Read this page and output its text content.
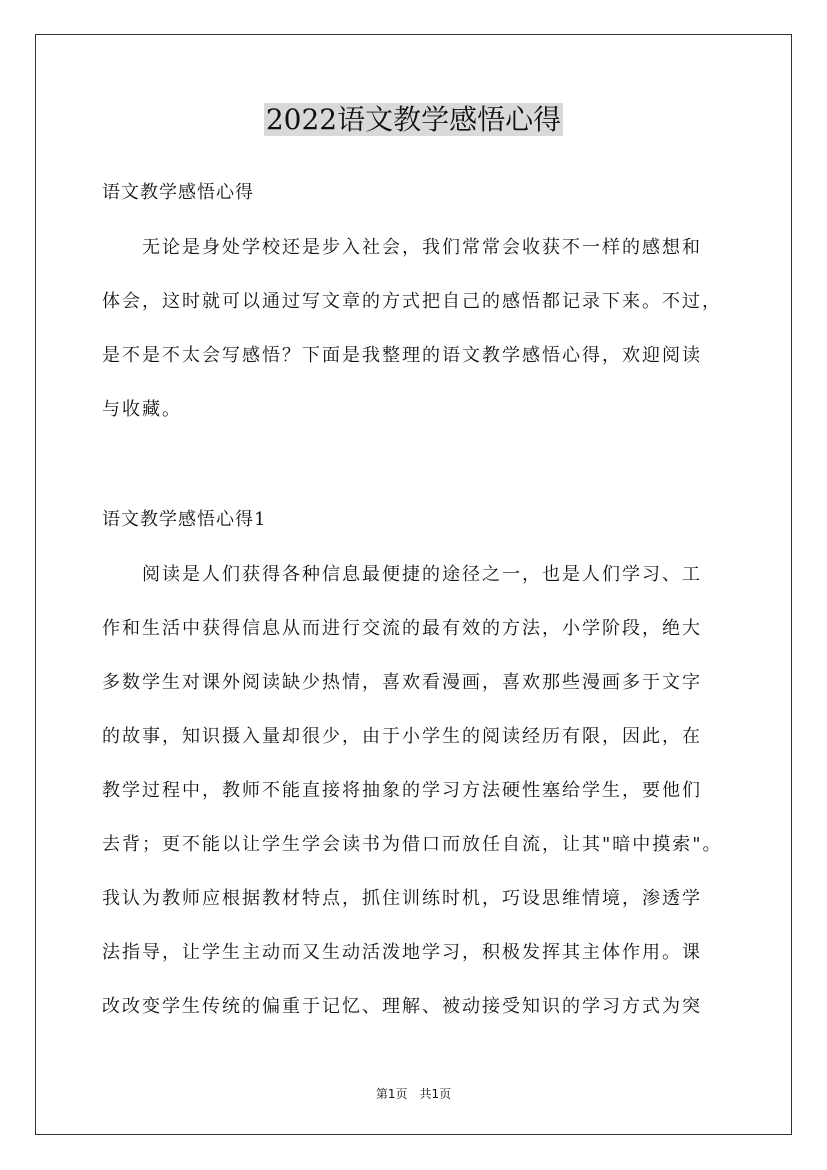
2022语文教学感悟心得
语文教学感悟心得
　　无论是身处学校还是步入社会，我们常常会收获不一样的感想和
体会，这时就可以通过写文章的方式把自己的感悟都记录下来。不过，
是不是不太会写感悟？下面是我整理的语文教学感悟心得，欢迎阅读
与收藏。
语文教学感悟心得1
　　阅读是人们获得各种信息最便捷的途径之一，也是人们学习、工
作和生活中获得信息从而进行交流的最有效的方法，小学阶段，绝大
多数学生对课外阅读缺少热情，喜欢看漫画，喜欢那些漫画多于文字
的故事，知识摄入量却很少，由于小学生的阅读经历有限，因此，在
教学过程中，教师不能直接将抽象的学习方法硬性塞给学生，要他们
去背；更不能以让学生学会读书为借口而放任自流，让其"暗中摸索"。
我认为教师应根据教材特点，抓住训练时机，巧设思维情境，渗透学
法指导，让学生主动而又生动活泼地学习，积极发挥其主体作用。课
改改变学生传统的偏重于记忆、理解、被动接受知识的学习方式为突
第1页　共1页
